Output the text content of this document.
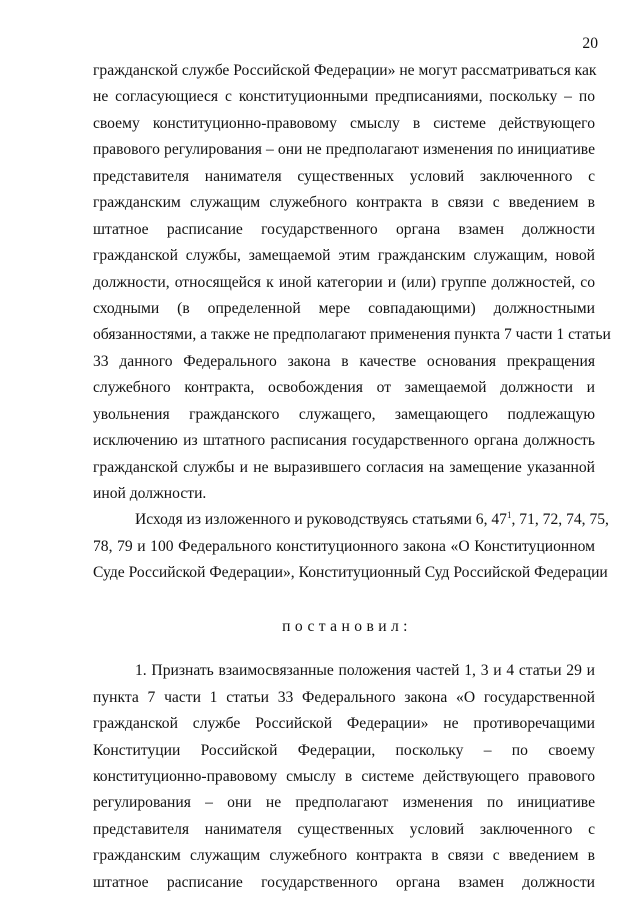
20
гражданской службе Российской Федерации» не могут рассматриваться как
не согласующиеся с конституционными предписаниями, поскольку – по
своему конституционно-правовому смыслу в системе действующего
правового регулирования – они не предполагают изменения по инициативе
представителя нанимателя существенных условий заключенного с
гражданским служащим служебного контракта в связи с введением в
штатное расписание государственного органа взамен должности
гражданской службы, замещаемой этим гражданским служащим, новой
должности, относящейся к иной категории и (или) группе должностей, со
сходными (в определенной мере совпадающими) должностными
обязанностями, а также не предполагают применения пункта 7 части 1 статьи
33 данного Федерального закона в качестве основания прекращения
служебного контракта, освобождения от замещаемой должности и
увольнения гражданского служащего, замещающего подлежащую
исключению из штатного расписания государственного органа должность
гражданской службы и не выразившего согласия на замещение указанной
иной должности.
Исходя из изложенного и руководствуясь статьями 6, $47^1$, 71, 72, 74, 75,
78, 79 и 100 Федерального конституционного закона «О Конституционном
Суде Российской Федерации», Конституционный Суд Российской Федерации
постановил:
1. Признать взаимосвязанные положения частей 1, 3 и 4 статьи 29 и
пункта 7 части 1 статьи 33 Федерального закона «О государственной
гражданской службе Российской Федерации» не противоречащими
Конституции Российской Федерации, поскольку – по своему
конституционно-правовому смыслу в системе действующего правового
регулирования – они не предполагают изменения по инициативе
представителя нанимателя существенных условий заключенного с
гражданским служащим служебного контракта в связи с введением в
штатное расписание государственного органа взамен должности
